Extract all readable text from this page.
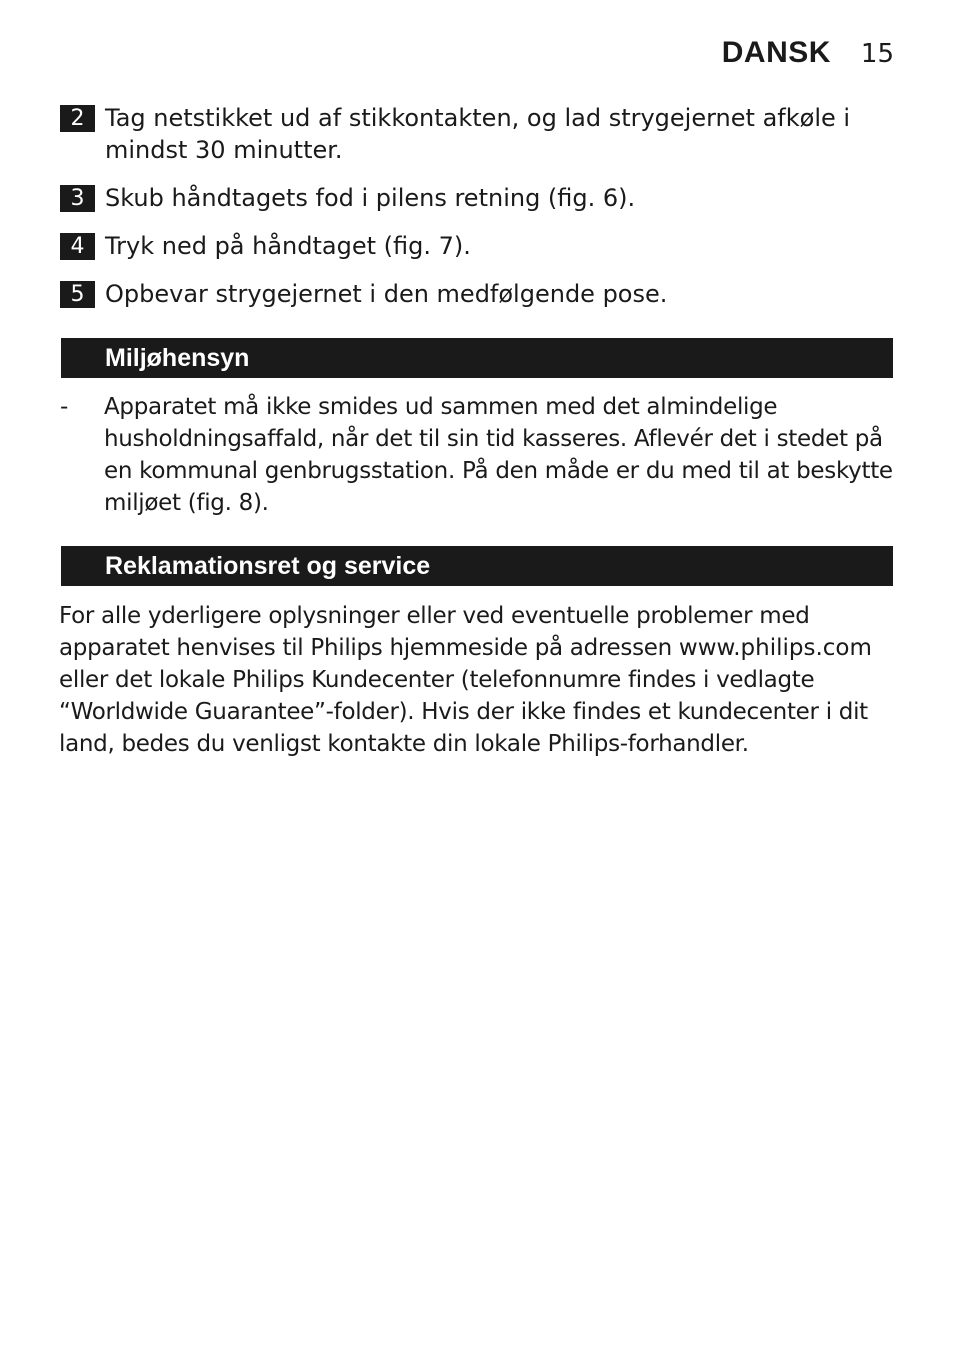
DANSK 15
2 Tag netstikket ud af stikkontakten, og lad strygejernet afkøle i mindst 30 minutter.
3 Skub håndtagets fod i pilens retning (fig. 6).
4 Tryk ned på håndtaget (fig. 7).
5 Opbevar strygejernet i den medfølgende pose.
Miljøhensyn
- Apparatet må ikke smides ud sammen med det almindelige husholdningsaffald, når det til sin tid kasseres. Aflevér det i stedet på en kommunal genbrugsstation. På den måde er du med til at beskytte miljøet (fig. 8).
Reklamationsret og service
For alle yderligere oplysninger eller ved eventuelle problemer med apparatet henvises til Philips hjemmeside på adressen www.philips.com eller det lokale Philips Kundecenter (telefonnumre findes i vedlagte “Worldwide Guarantee”-folder). Hvis der ikke findes et kundecenter i dit land, bedes du venligst kontakte din lokale Philips-forhandler.
